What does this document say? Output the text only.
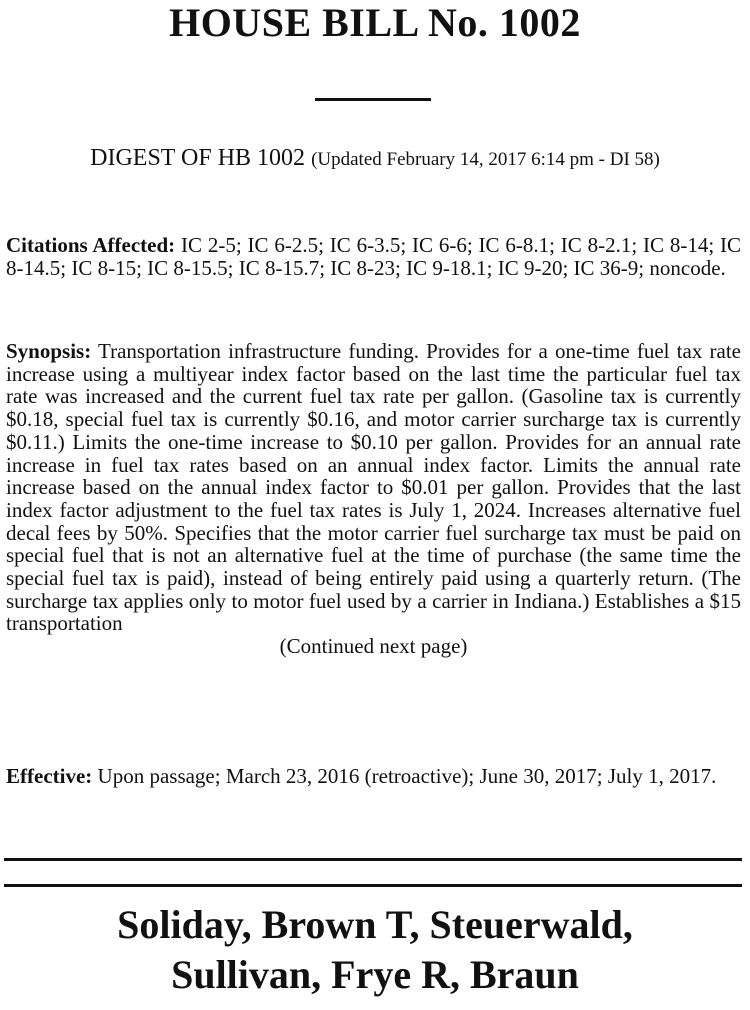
HOUSE BILL No. 1002
DIGEST OF HB 1002 (Updated February 14, 2017 6:14 pm - DI 58)
Citations Affected: IC 2-5; IC 6-2.5; IC 6-3.5; IC 6-6; IC 6-8.1; IC 8-2.1; IC 8-14; IC 8-14.5; IC 8-15; IC 8-15.5; IC 8-15.7; IC 8-23; IC 9-18.1; IC 9-20; IC 36-9; noncode.
Synopsis: Transportation infrastructure funding. Provides for a one-time fuel tax rate increase using a multiyear index factor based on the last time the particular fuel tax rate was increased and the current fuel tax rate per gallon. (Gasoline tax is currently $0.18, special fuel tax is currently $0.16, and motor carrier surcharge tax is currently $0.11.) Limits the one-time increase to $0.10 per gallon. Provides for an annual rate increase in fuel tax rates based on an annual index factor. Limits the annual rate increase based on the annual index factor to $0.01 per gallon. Provides that the last index factor adjustment to the fuel tax rates is July 1, 2024. Increases alternative fuel decal fees by 50%. Specifies that the motor carrier fuel surcharge tax must be paid on special fuel that is not an alternative fuel at the time of purchase (the same time the special fuel tax is paid), instead of being entirely paid using a quarterly return. (The surcharge tax applies only to motor fuel used by a carrier in Indiana.) Establishes a $15 transportation
(Continued next page)
Effective: Upon passage; March 23, 2016 (retroactive); June 30, 2017; July 1, 2017.
Soliday, Brown T, Steuerwald,
Sullivan, Frye R, Braun
